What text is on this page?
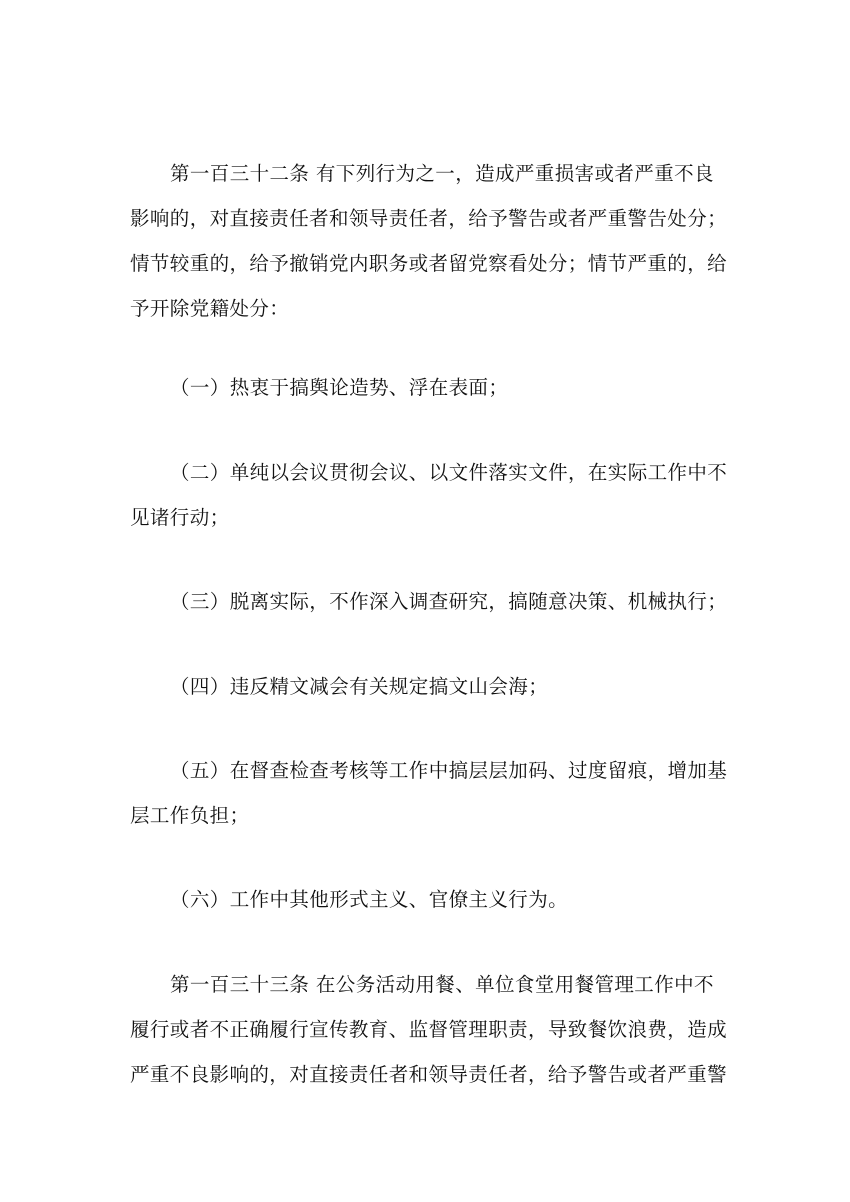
第一百三十二条 有下列行为之一，造成严重损害或者严重不良
影响的，对直接责任者和领导责任者，给予警告或者严重警告处分；
情节较重的，给予撤销党内职务或者留党察看处分；情节严重的，给
予开除党籍处分：
（一）热衷于搞舆论造势、浮在表面；
（二）单纯以会议贯彻会议、以文件落实文件，在实际工作中不
见诸行动；
（三）脱离实际，不作深入调查研究，搞随意决策、机械执行；
（四）违反精文减会有关规定搞文山会海；
（五）在督查检查考核等工作中搞层层加码、过度留痕，增加基
层工作负担；
（六）工作中其他形式主义、官僚主义行为。
第一百三十三条 在公务活动用餐、单位食堂用餐管理工作中不
履行或者不正确履行宣传教育、监督管理职责，导致餐饮浪费，造成
严重不良影响的，对直接责任者和领导责任者，给予警告或者严重警
